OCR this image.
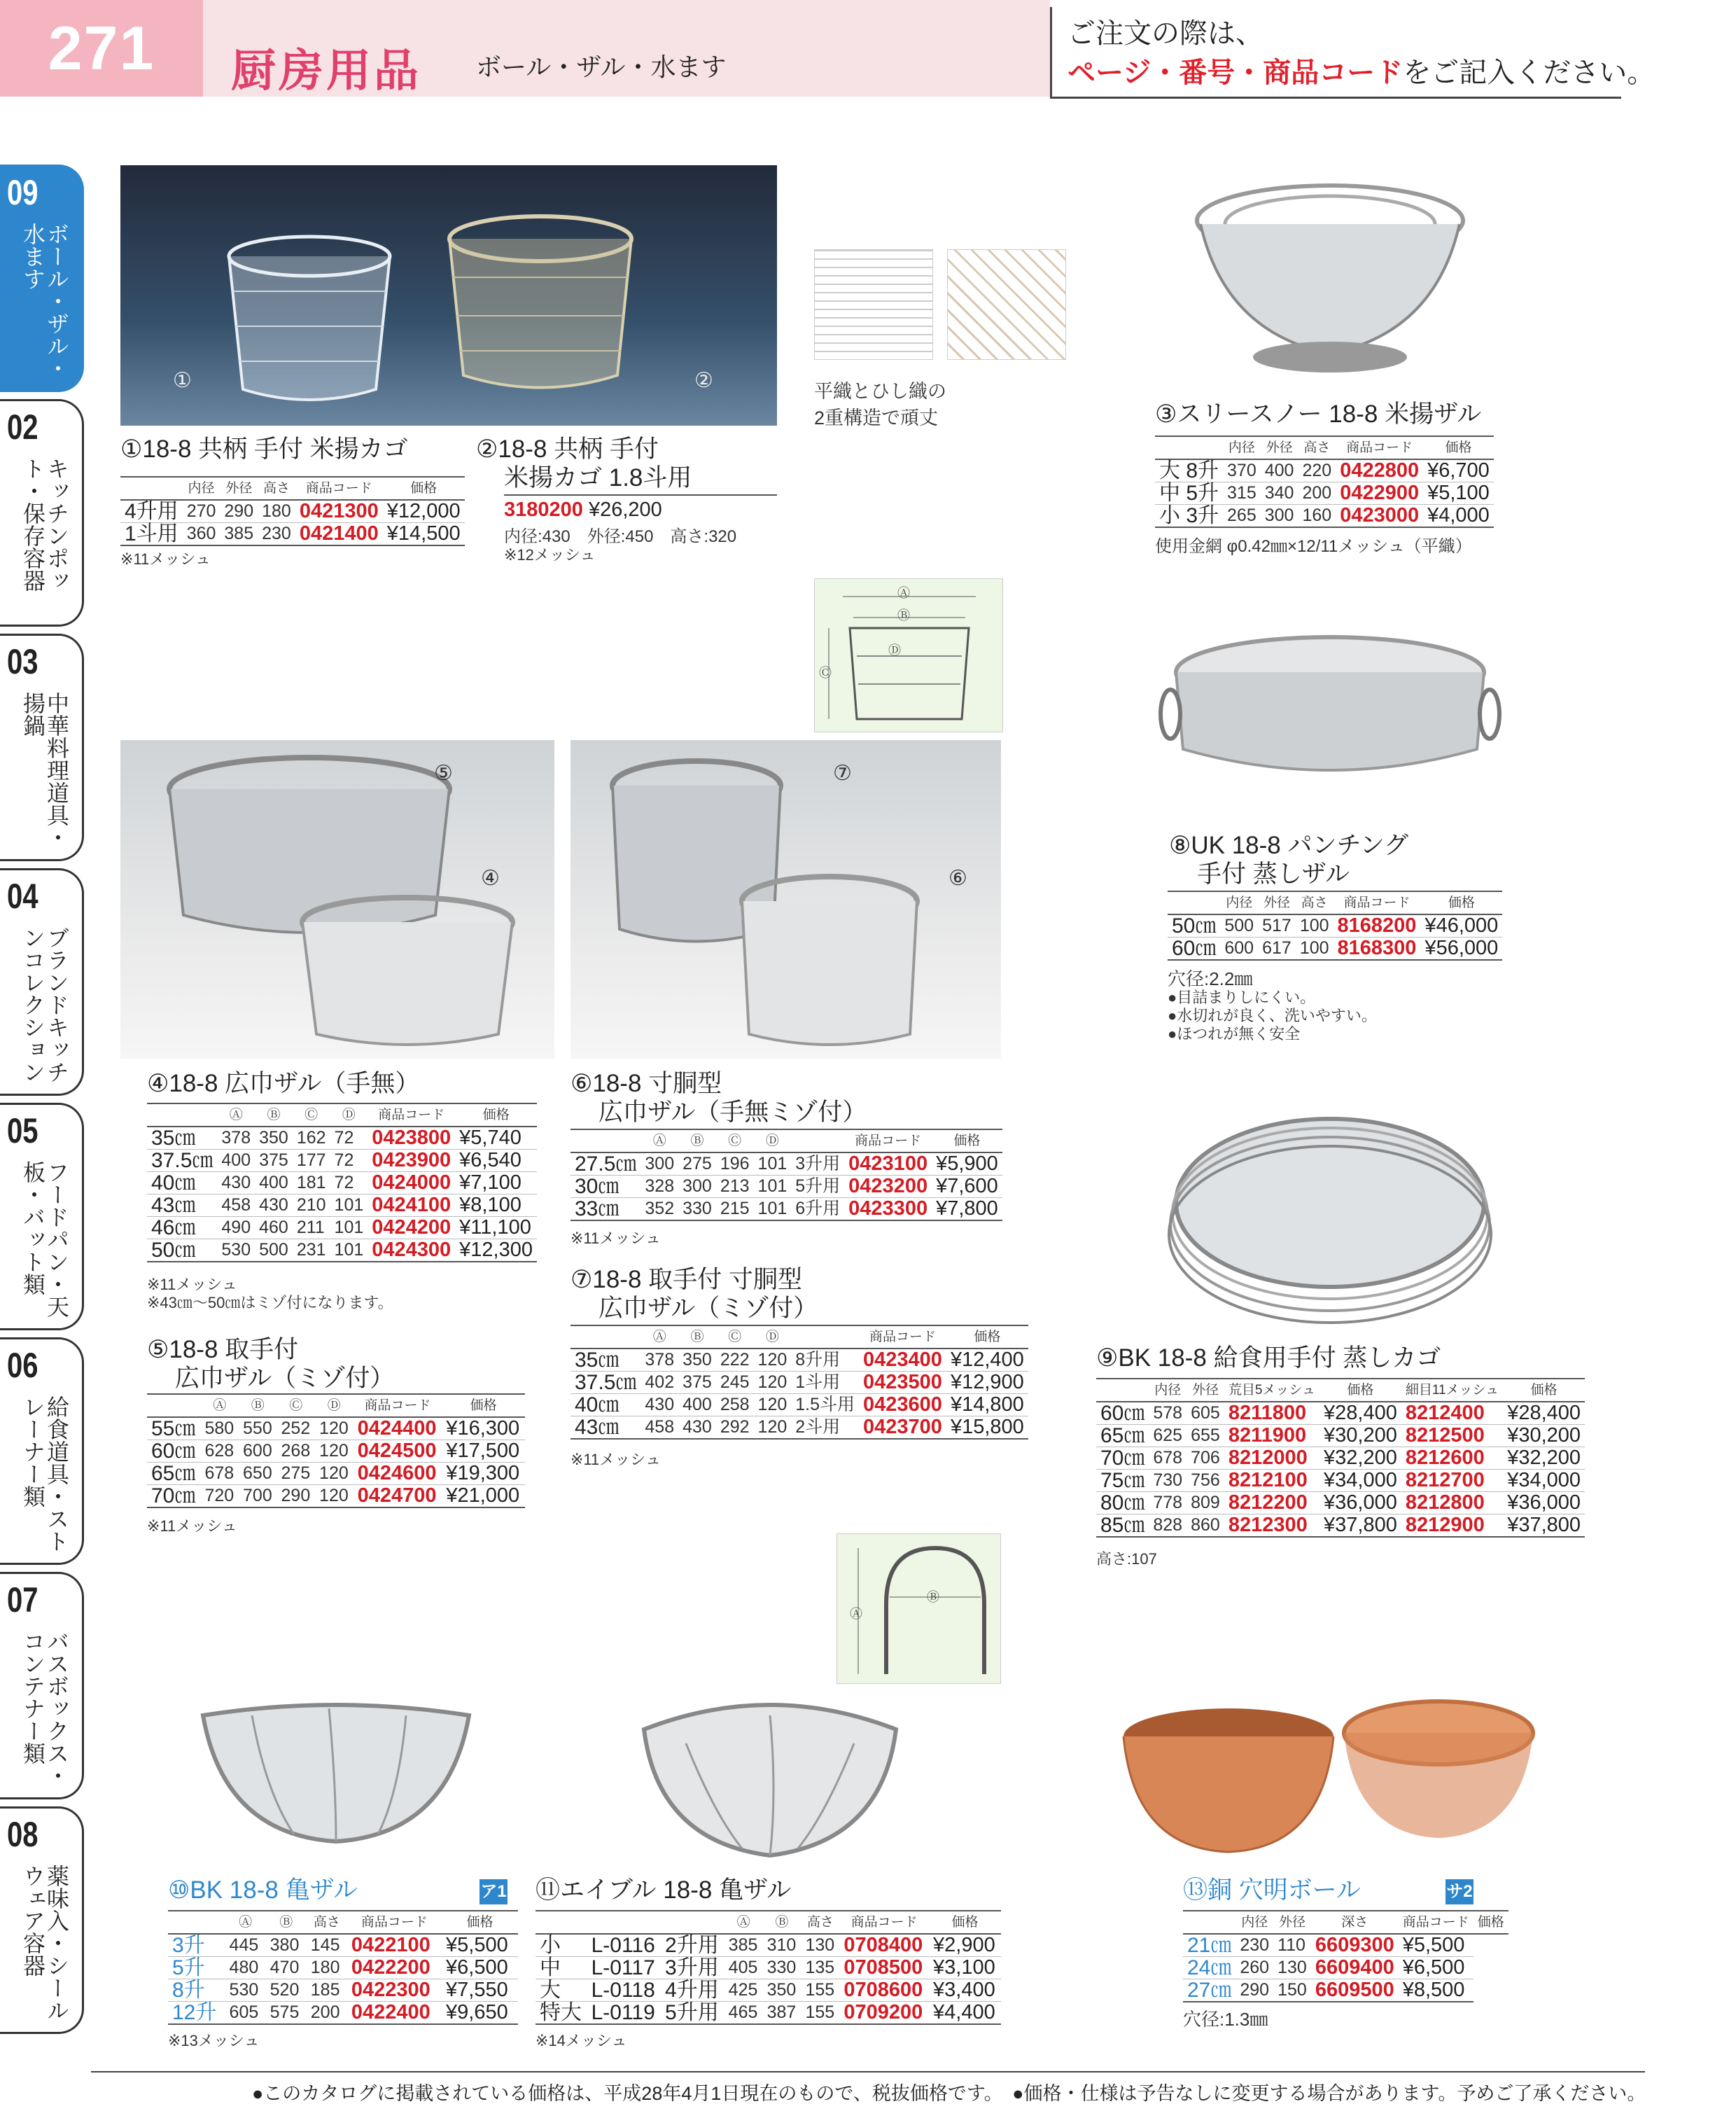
271	厨房用品 ボール・ザル・水ます
ご注文の際は、
ページ・番号・商品コードをご記入ください。
09
ボール・ザル・水ます
02
キッチンポット・保存容器
03
中華料理道具・揚鍋
04
ブランドキッチンコレクション
05
フードパン・天板・バット類
06
給食道具・ストレーナー類
07
バスボックス・コンテナー類
08
薬味入・シールウェア容器
①	②	平織とひし織の
2重構造で頑丈
①18-8 共柄 手付 米揚カゴ
	内径	外径	高さ	商品コード	価格
4升用	270	290	180	0421300	¥12,000
1斗用	360	385	230	0421400	¥14,500
※11メッシュ
②18-8 共柄 手付
米揚カゴ 1.8斗用
3180200 ¥26,200
内径:430　外径:450　高さ:320
※12メッシュ
③スリースノー 18-8 米揚ザル
	内径	外径	高さ	商品コード	価格
大 8升	370	400	220	0422800	¥6,700
中 5升	315	340	200	0422900	¥5,100
小 3升	265	300	160	0423000	¥4,000
使用金網 φ0.42㎜×12/11メッシュ（平織）
Ⓐ
Ⓑ
Ⓒ
Ⓓ
⑤
④
⑦
⑥
⑧UK 18-8 パンチング
手付 蒸しザル
	内径	外径	高さ	商品コード	価格
50㎝	500	517	100	8168200	¥46,000
60㎝	600	617	100	8168300	¥56,000
穴径:2.2㎜
●目詰まりしにくい。
●水切れが良く、洗いやすい。
●ほつれが無く安全
④18-8 広巾ザル（手無）
	Ⓐ	Ⓑ	Ⓒ	Ⓓ	商品コード	価格
35㎝	378	350	162	72	0423800	¥5,740
37.5㎝	400	375	177	72	0423900	¥6,540
40㎝	430	400	181	72	0424000	¥7,100
43㎝	458	430	210	101	0424100	¥8,100
46㎝	490	460	211	101	0424200	¥11,100
50㎝	530	500	231	101	0424300	¥12,300
※11メッシュ
※43㎝～50㎝はミゾ付になります。
⑥18-8 寸胴型
広巾ザル（手無ミゾ付）
	Ⓐ	Ⓑ	Ⓒ	Ⓓ		商品コード	価格
27.5㎝	300	275	196	101	3升用	0423100	¥5,900
30㎝	328	300	213	101	5升用	0423200	¥7,600
33㎝	352	330	215	101	6升用	0423300	¥7,800
※11メッシュ
⑨BK 18-8 給食用手付 蒸しカゴ
	内径	外径	荒目5メッシュ	価格	細目11メッシュ	価格
60㎝	578	605	8211800	¥28,400	8212400	¥28,400
65㎝	625	655	8211900	¥30,200	8212500	¥30,200
70㎝	678	706	8212000	¥32,200	8212600	¥32,200
75㎝	730	756	8212100	¥34,000	8212700	¥34,000
80㎝	778	809	8212200	¥36,000	8212800	¥36,000
85㎝	828	860	8212300	¥37,800	8212900	¥37,800
高さ:107
⑤18-8 取手付
広巾ザル（ミゾ付）
	Ⓐ	Ⓑ	Ⓒ	Ⓓ	商品コード	価格
55㎝	580	550	252	120	0424400	¥16,300
60㎝	628	600	268	120	0424500	¥17,500
65㎝	678	650	275	120	0424600	¥19,300
70㎝	720	700	290	120	0424700	¥21,000
※11メッシュ
⑦18-8 取手付 寸胴型
広巾ザル（ミゾ付）
	Ⓐ	Ⓑ	Ⓒ	Ⓓ		商品コード	価格
35㎝	378	350	222	120	8升用	0423400	¥12,400
37.5㎝	402	375	245	120	1斗用	0423500	¥12,900
40㎝	430	400	258	120	1.5斗用	0423600	¥14,800
43㎝	458	430	292	120	2斗用	0423700	¥15,800
※11メッシュ
Ⓑ
Ⓐ
⑩BK 18-8 亀ザル	ア1
	Ⓐ	Ⓑ	高さ	商品コード	価格
3升	445	380	145	0422100	¥5,500
5升	480	470	180	0422200	¥6,500
8升	530	520	185	0422300	¥7,550
12升	605	575	200	0422400	¥9,650
※13メッシュ
⑪エイブル 18-8 亀ザル
			Ⓐ	Ⓑ	高さ	商品コード	価格
小	L-0116	2升用	385	310	130	0708400	¥2,900
中	L-0117	3升用	405	330	135	0708500	¥3,100
大	L-0118	4升用	425	350	155	0708600	¥3,400
特大	L-0119	5升用	465	387	155	0709200	¥4,400
※14メッシュ
⑬銅 穴明ボール	サ2
	内径	外径	深さ	商品コード	価格
21㎝	230	110	6609300	¥5,500	
24㎝	260	130	6609400	¥6,500	
27㎝	290	150	6609500	¥8,500	
穴径:1.3㎜
●このカタログに掲載されている価格は、平成28年4月1日現在のもので、税抜価格です。　●価格・仕様は予告なしに変更する場合があります。予めご了承ください。
